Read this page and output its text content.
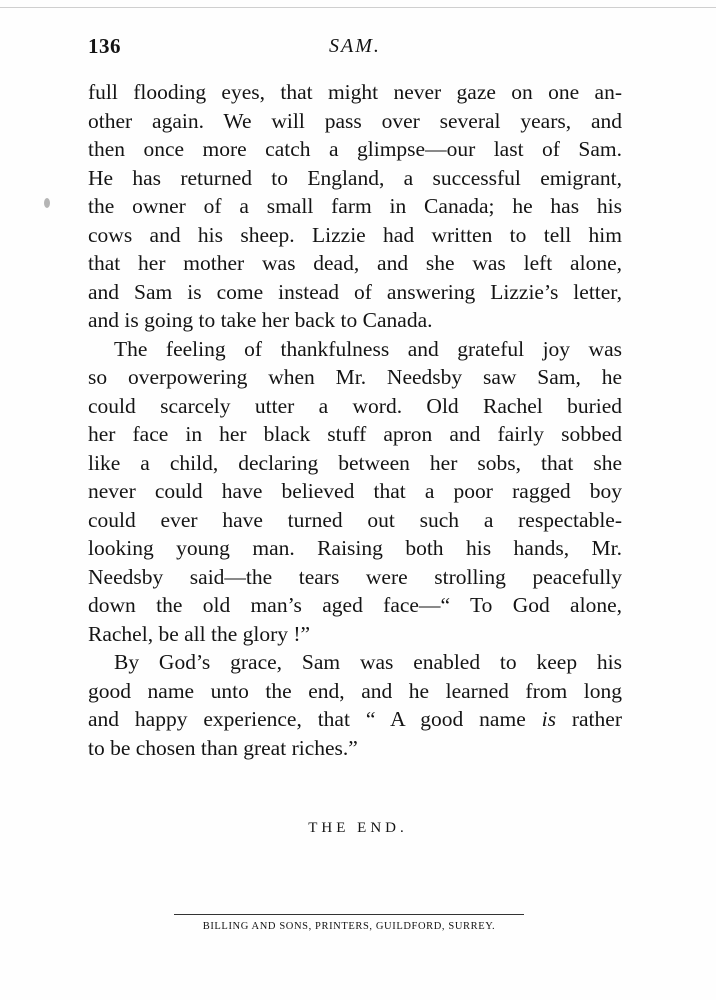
136	SAM.
full flooding eyes, that might never gaze on one an-
other again. We will pass over several years, and
then once more catch a glimpse—our last of Sam.
He has returned to England, a successful emigrant,
the owner of a small farm in Canada; he has his
cows and his sheep. Lizzie had written to tell him
that her mother was dead, and she was left alone,
and Sam is come instead of answering Lizzie’s letter,
and is going to take her back to Canada.
The feeling of thankfulness and grateful joy was
so overpowering when Mr. Needsby saw Sam, he
could scarcely utter a word. Old Rachel buried
her face in her black stuff apron and fairly sobbed
like a child, declaring between her sobs, that she
never could have believed that a poor ragged boy
could ever have turned out such a respectable-
looking young man. Raising both his hands, Mr.
Needsby said—the tears were strolling peacefully
down the old man’s aged face—“ To God alone,
Rachel, be all the glory !”
By God’s grace, Sam was enabled to keep his
good name unto the end, and he learned from long
and happy experience, that “ A good name is rather
to be chosen than great riches.”
THE END.
BILLING AND SONS, PRINTERS, GUILDFORD, SURREY.
